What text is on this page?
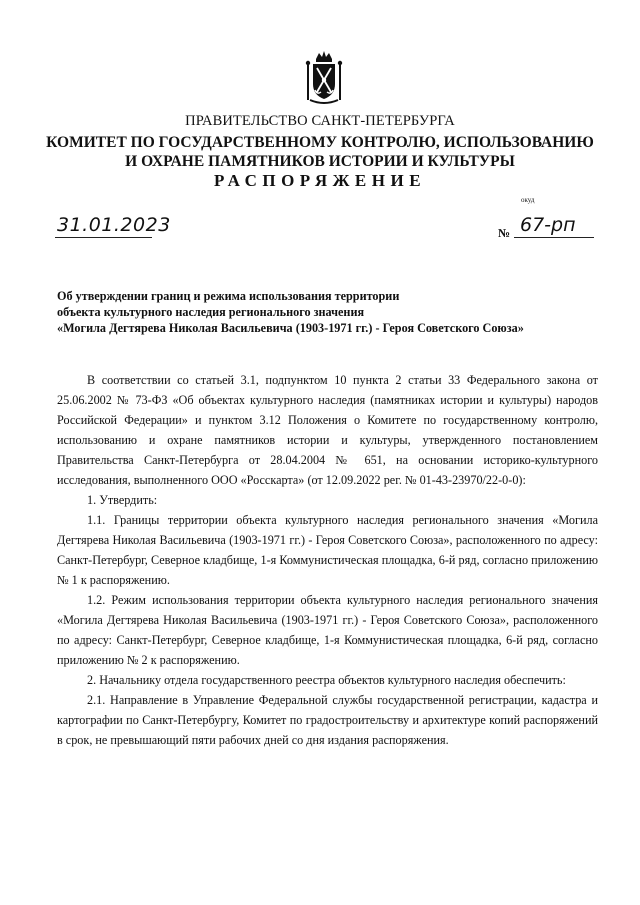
ПРАВИТЕЛЬСТВО САНКТ-ПЕТЕРБУРГА
КОМИТЕТ ПО ГОСУДАРСТВЕННОМУ КОНТРОЛЮ, ИСПОЛЬЗОВАНИЮ
И ОХРАНЕ ПАМЯТНИКОВ ИСТОРИИ И КУЛЬТУРЫ
РАСПОРЯЖЕНИЕ
окуд
31.01.2023	№ 67-рп
Об утверждении границ и режима использования территории
объекта культурного наследия регионального значения
«Могила Дегтярева Николая Васильевича (1903-1971 гг.) - Героя Советского Союза»

В соответствии со статьей 3.1, подпунктом 10 пункта 2 статьи 33 Федерального закона от 25.06.2002 № 73-ФЗ «Об объектах культурного наследия (памятниках истории и культуры) народов Российской Федерации» и пунктом 3.12 Положения о Комитете по государственному контролю, использованию и охране памятников истории и культуры, утвержденного постановлением Правительства Санкт-Петербурга от 28.04.2004 № 651, на основании историко-культурного исследования, выполненного ООО «Росскарта» (от 12.09.2022 рег. № 01-43-23970/22-0-0):

1. Утвердить:

1.1. Границы территории объекта культурного наследия регионального значения «Могила Дегтярева Николая Васильевича (1903-1971 гг.) - Героя Советского Союза», расположенного по адресу: Санкт-Петербург, Северное кладбище, 1-я Коммунистическая площадка, 6-й ряд, согласно приложению № 1 к распоряжению.

1.2. Режим использования территории объекта культурного наследия регионального значения «Могила Дегтярева Николая Васильевича (1903-1971 гг.) - Героя Советского Союза», расположенного по адресу: Санкт-Петербург, Северное кладбище, 1-я Коммунистическая площадка, 6-й ряд, согласно приложению № 2 к распоряжению.

2. Начальнику отдела государственного реестра объектов культурного наследия обеспечить:

2.1. Направление в Управление Федеральной службы государственной регистрации, кадастра и картографии по Санкт-Петербургу, Комитет по градостроительству и архитектуре копий распоряжений в срок, не превышающий пяти рабочих дней со дня издания распоряжения.
